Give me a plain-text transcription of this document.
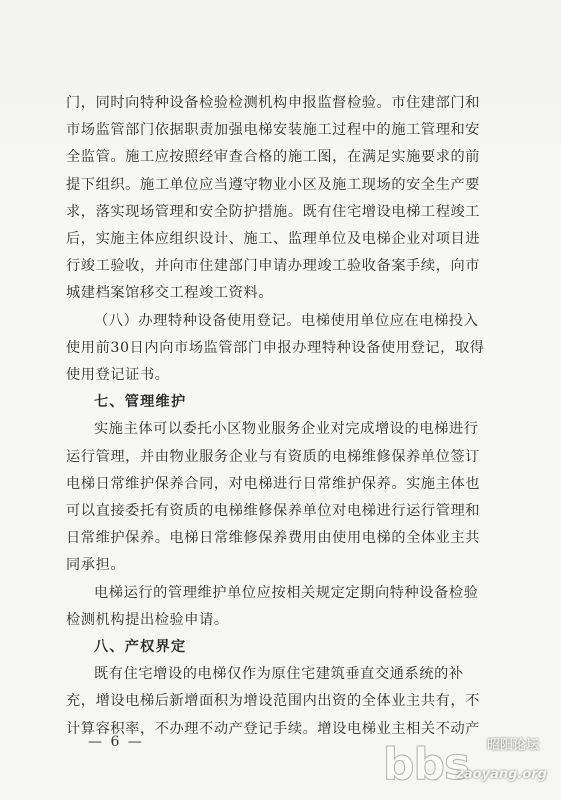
门，同时向特种设备检验检测机构申报监督检验。市住建部门和
市场监管部门依据职责加强电梯安装施工过程中的施工管理和安
全监管。施工应按照经审查合格的施工图，在满足实施要求的前
提下组织。施工单位应当遵守物业小区及施工现场的安全生产要
求，落实现场管理和安全防护措施。既有住宅增设电梯工程竣工
后，实施主体应组织设计、施工、监理单位及电梯企业对项目进
行竣工验收，并向市住建部门申请办理竣工验收备案手续，向市
城建档案馆移交工程竣工资料。
（八）办理特种设备使用登记。电梯使用单位应在电梯投入
使用前30日内向市场监管部门申报办理特种设备使用登记，取得
使用登记证书。
七、管理维护
实施主体可以委托小区物业服务企业对完成增设的电梯进行
运行管理，并由物业服务企业与有资质的电梯维修保养单位签订
电梯日常维护保养合同，对电梯进行日常维护保养。实施主体也
可以直接委托有资质的电梯维修保养单位对电梯进行运行管理和
日常维护保养。电梯日常维修保养费用由使用电梯的全体业主共
同承担。
电梯运行的管理维护单位应按相关规定定期向特种设备检验
检测机构提出检验申请。
八、产权界定
既有住宅增设的电梯仅作为原住宅建筑垂直交通系统的补
充，增设电梯后新增面积为增设范围内出资的全体业主共有，不
计算容积率，不办理不动产登记手续。增设电梯业主相关不动产
— 6 —	bbs 昭阳论坛
zaoyang.org
